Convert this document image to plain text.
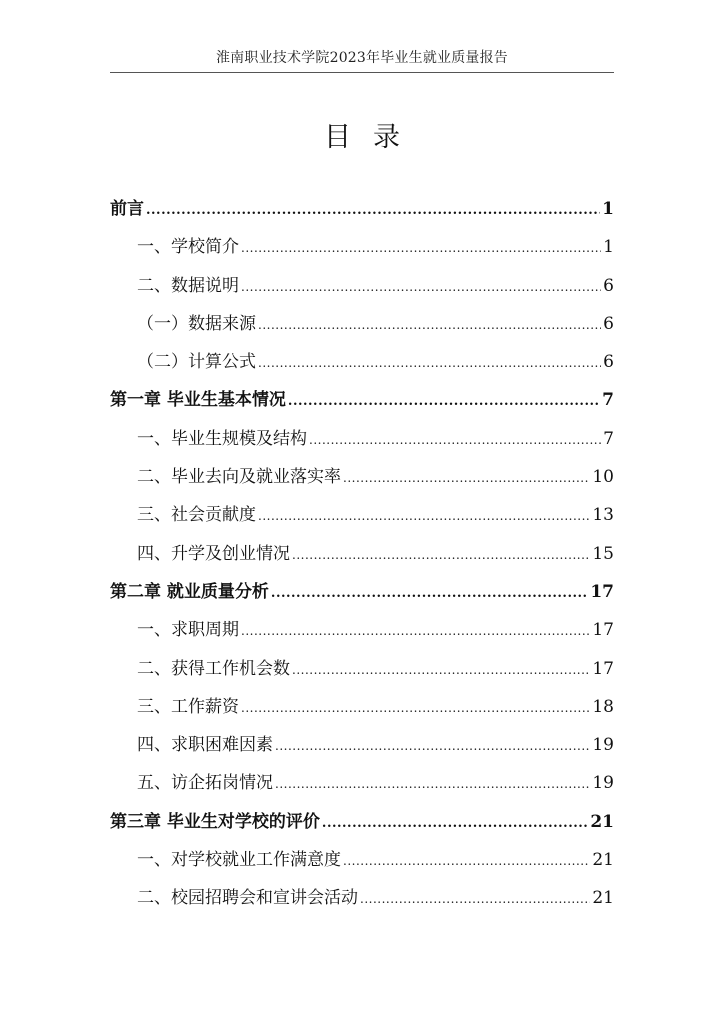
淮南职业技术学院2023年毕业生就业质量报告
目录
前言 .....	1
一、学校简介 .....	1
二、数据说明 .....	6
（一）数据来源 .....	6
（二）计算公式 .....	6
第一章 毕业生基本情况 .....	7
一、毕业生规模及结构 .....	7
二、毕业去向及就业落实率 .....	10
三、社会贡献度 .....	13
四、升学及创业情况 .....	15
第二章 就业质量分析 .....	17
一、求职周期 .....	17
二、获得工作机会数 .....	17
三、工作薪资 .....	18
四、求职困难因素 .....	19
五、访企拓岗情况 .....	19
第三章 毕业生对学校的评价 .....	21
一、对学校就业工作满意度 .....	21
二、校园招聘会和宣讲会活动 .....	21
